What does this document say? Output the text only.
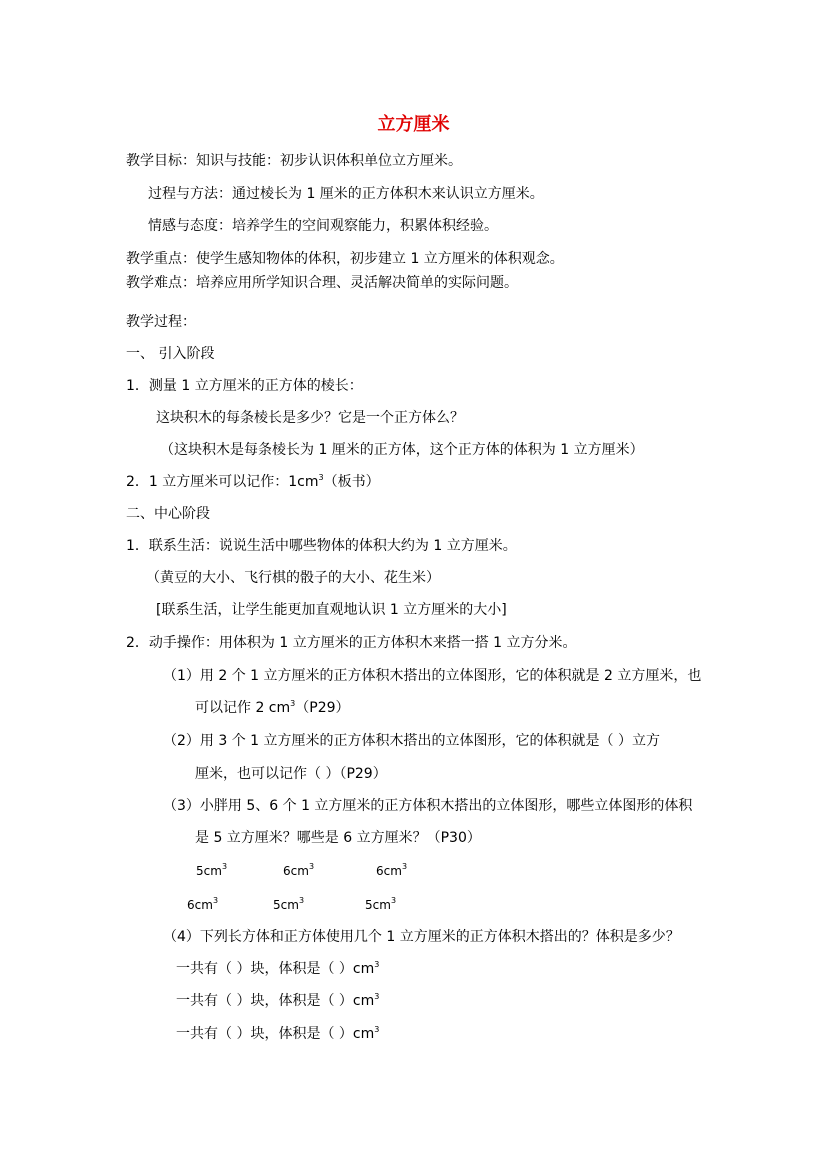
立方厘米
教学目标：知识与技能：初步认识体积单位立方厘米。
过程与方法：通过棱长为 1 厘米的正方体积木来认识立方厘米。
情感与态度：培养学生的空间观察能力，积累体积经验。
教学重点：使学生感知物体的体积，初步建立 1 立方厘米的体积观念。
教学难点：培养应用所学知识合理、灵活解决简单的实际问题。
教学过程：
一、 引入阶段
1．测量 1 立方厘米的正方体的棱长：
这块积木的每条棱长是多少？它是一个正方体么？
（这块积木是每条棱长为 1 厘米的正方体，这个正方体的体积为 1 立方厘米）
2．1 立方厘米可以记作：$1cm^3$（板书）
二、中心阶段
1．联系生活：说说生活中哪些物体的体积大约为 1 立方厘米。
（黄豆的大小、飞行棋的骰子的大小、花生米）
[联系生活，让学生能更加直观地认识 1 立方厘米的大小]
2．动手操作：用体积为 1 立方厘米的正方体积木来搭一搭 1 立方分米。
（1）用 2 个 1 立方厘米的正方体积木搭出的立体图形，它的体积就是 2 立方厘米，也
可以记作 2 $cm^3(P29)$
（2）用 3 个 1 立方厘米的正方体积木搭出的立体图形，它的体积就是（ ）立方
厘米，也可以记作（ ）（P29）
（3）小胖用 5、6 个 1 立方厘米的正方体积木搭出的立体图形，哪些立体图形的体积
是 5 立方厘米？哪些是 6 立方厘米？（P30）
$5cm^3$	$6cm^3$	$6cm^3$
$6cm^3$	$5cm^3$	$5cm^3$
（4）下列长方体和正方体使用几个 1 立方厘米的正方体积木搭出的？体积是多少？
一共有（ ）块，体积是（ ）$cm^3$
一共有（ ）块，体积是（ ）$cm^3$
一共有（ ）块，体积是（ ）$cm^3$
